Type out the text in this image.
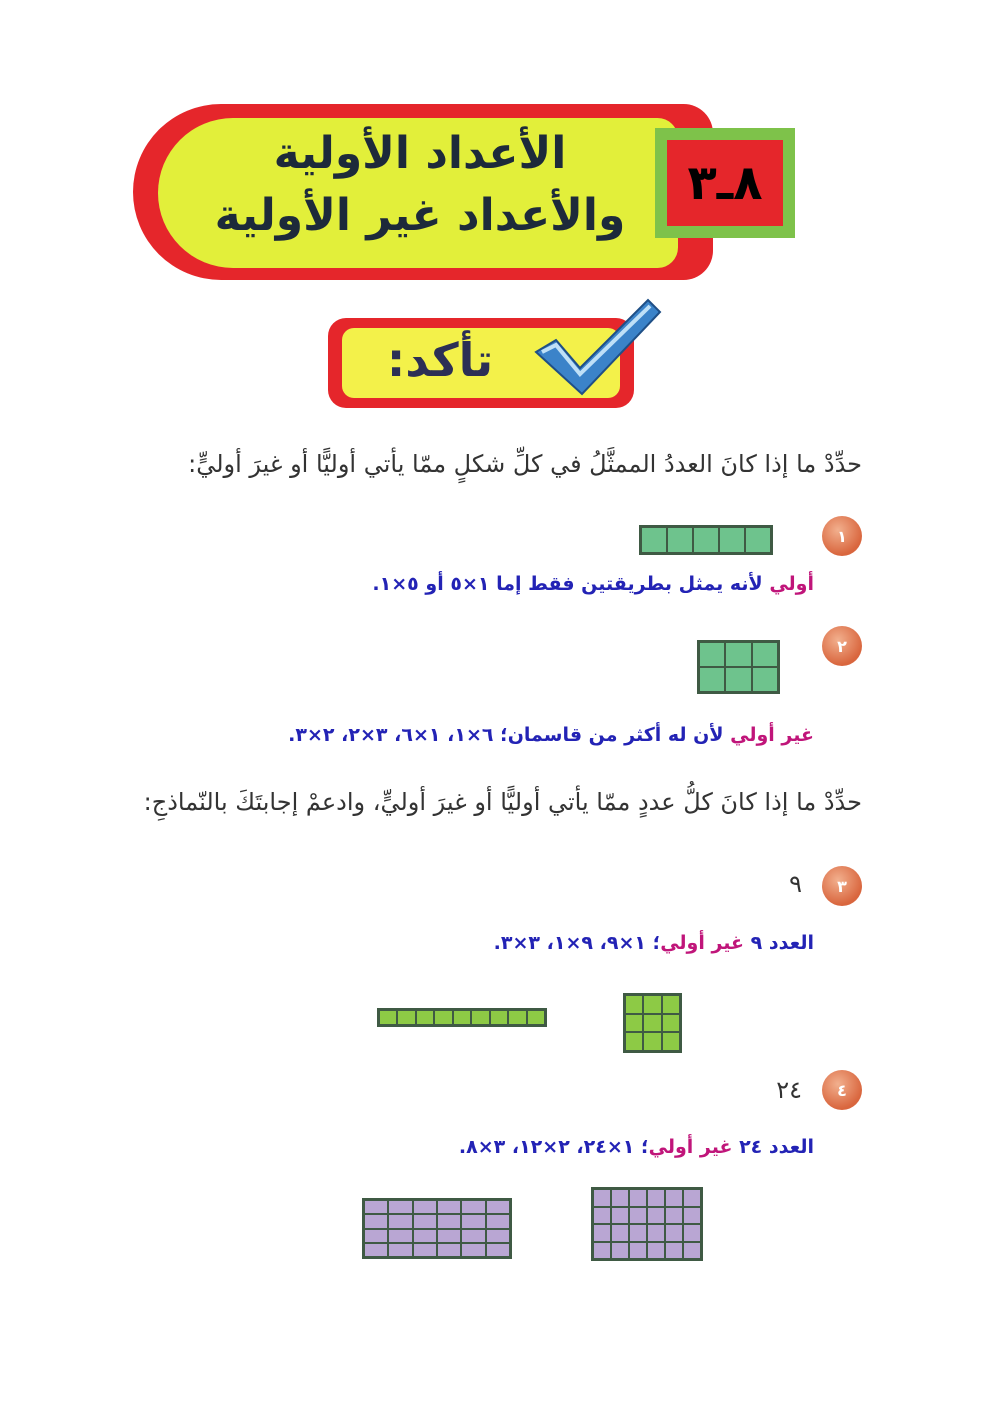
٨ـ٣
الأعداد الأولية
والأعداد غير الأولية
تأكد:
حدِّدْ ما إذا كانَ العددُ الممثَّلُ في كلِّ شكلٍ ممّا يأتي أوليًّا أو غيرَ أوليٍّ:
١
أولي لأنه يمثل بطريقتين فقط إما ١×٥ أو ٥×١.
٢
غير أولي لأن له أكثر من قاسمان؛ ٦×١، ١×٦، ٣×٢، ٢×٣.
حدِّدْ ما إذا كانَ كلُّ عددٍ ممّا يأتي أوليًّا أو غيرَ أوليٍّ، وادعمْ إجابتَكَ بالنّماذجِ:
٣
٩
العدد ٩ غير أولي؛ ١×٩، ٩×١، ٣×٣.
٤
٢٤
العدد ٢٤ غير أولي؛ ١×٢٤، ٢×١٢، ٣×٨.
